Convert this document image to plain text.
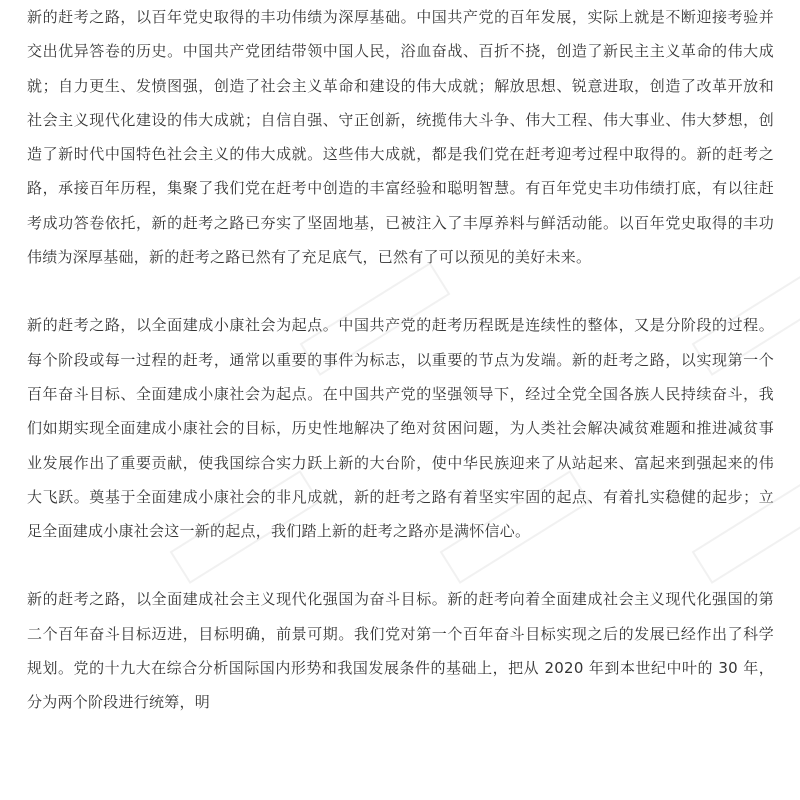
新的赶考之路，以百年党史取得的丰功伟绩为深厚基础。中国共产党的百年发展，实际上就是不断迎接考验并交出优异答卷的历史。中国共产党团结带领中国人民，浴血奋战、百折不挠，创造了新民主主义革命的伟大成就；自力更生、发愤图强，创造了社会主义革命和建设的伟大成就；解放思想、锐意进取，创造了改革开放和社会主义现代化建设的伟大成就；自信自强、守正创新，统揽伟大斗争、伟大工程、伟大事业、伟大梦想，创造了新时代中国特色社会主义的伟大成就。这些伟大成就，都是我们党在赶考迎考过程中取得的。新的赶考之路，承接百年历程，集聚了我们党在赶考中创造的丰富经验和聪明智慧。有百年党史丰功伟绩打底，有以往赶考成功答卷依托，新的赶考之路已夯实了坚固地基，已被注入了丰厚养料与鲜活动能。以百年党史取得的丰功伟绩为深厚基础，新的赶考之路已然有了充足底气，已然有了可以预见的美好未来。

新的赶考之路，以全面建成小康社会为起点。中国共产党的赶考历程既是连续性的整体，又是分阶段的过程。每个阶段或每一过程的赶考，通常以重要的事件为标志，以重要的节点为发端。新的赶考之路，以实现第一个百年奋斗目标、全面建成小康社会为起点。在中国共产党的坚强领导下，经过全党全国各族人民持续奋斗，我们如期实现全面建成小康社会的目标，历史性地解决了绝对贫困问题，为人类社会解决减贫难题和推进减贫事业发展作出了重要贡献，使我国综合实力跃上新的大台阶，使中华民族迎来了从站起来、富起来到强起来的伟大飞跃。奠基于全面建成小康社会的非凡成就，新的赶考之路有着坚实牢固的起点、有着扎实稳健的起步；立足全面建成小康社会这一新的起点，我们踏上新的赶考之路亦是满怀信心。

新的赶考之路，以全面建成社会主义现代化强国为奋斗目标。新的赶考向着全面建成社会主义现代化强国的第二个百年奋斗目标迈进，目标明确，前景可期。我们党对第一个百年奋斗目标实现之后的发展已经作出了科学规划。党的十九大在综合分析国际国内形势和我国发展条件的基础上，把从 2020 年到本世纪中叶的 30 年，分为两个阶段进行统筹，明
